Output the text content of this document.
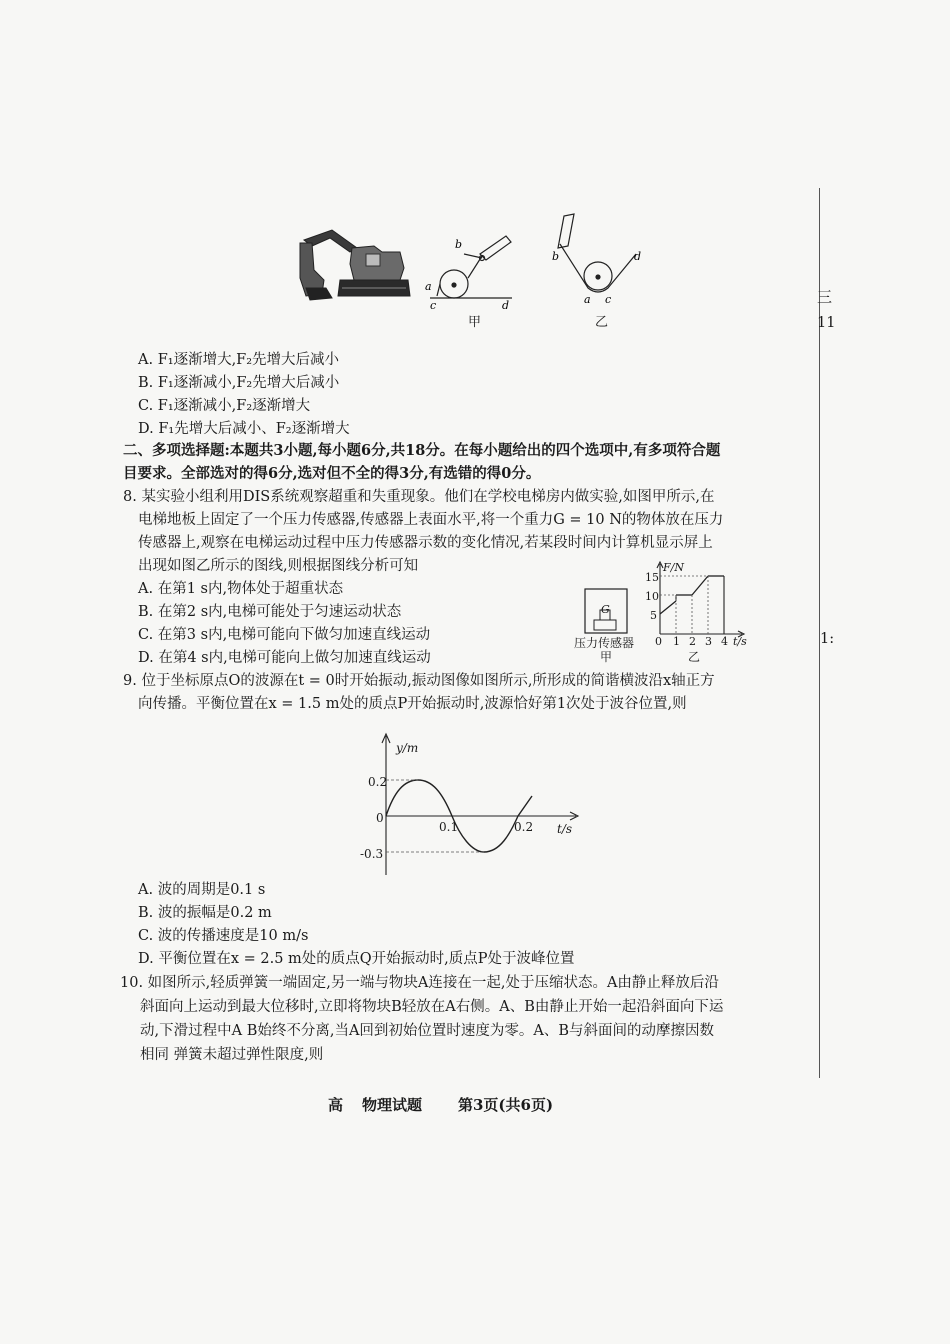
三
11
1:
a
b
c	d
b	d
a c
甲	乙
A. F₁逐渐增大,F₂先增大后减小
B. F₁逐渐减小,F₂先增大后减小
C. F₁逐渐减小,F₂逐渐增大
D. F₁先增大后减小、F₂逐渐增大
二、多项选择题:本题共3小题,每小题6分,共18分。在每小题给出的四个选项中,有多项符合题
目要求。全部选对的得6分,选对但不全的得3分,有选错的得0分。
8. 某实验小组利用DIS系统观察超重和失重现象。他们在学校电梯房内做实验,如图甲所示,在
电梯地板上固定了一个压力传感器,传感器上表面水平,将一个重力G = 10 N的物体放在压力
传感器上,观察在电梯运动过程中压力传感器示数的变化情况,若某段时间内计算机显示屏上
出现如图乙所示的图线,则根据图线分析可知
A. 在第1 s内,物体处于超重状态
B. 在第2 s内,电梯可能处于匀速运动状态
C. 在第3 s内,电梯可能向下做匀加速直线运动
D. 在第4 s内,电梯可能向上做匀加速直线运动
G
压力传感器
甲
F/N
t/s
5
10
15
0 1 2 3 4
乙
9. 位于坐标原点O的波源在t = 0时开始振动,振动图像如图所示,所形成的简谐横波沿x轴正方
向传播。平衡位置在x = 1.5 m处的质点P开始振动时,波源恰好第1次处于波谷位置,则
y/m
t/s
0.2
0
-0.3
0.1	0.2
A. 波的周期是0.1 s
B. 波的振幅是0.2 m
C. 波的传播速度是10 m/s
D. 平衡位置在x = 2.5 m处的质点Q开始振动时,质点P处于波峰位置
10. 如图所示,轻质弹簧一端固定,另一端与物块A连接在一起,处于压缩状态。A由静止释放后沿
斜面向上运动到最大位移时,立即将物块B轻放在A右侧。A、B由静止开始一起沿斜面向下运
动,下滑过程中A B始终不分离,当A回到初始位置时速度为零。A、B与斜面间的动摩擦因数
相同 弹簧未超过弹性限度,则
高 物理试题 第3页(共6页)
